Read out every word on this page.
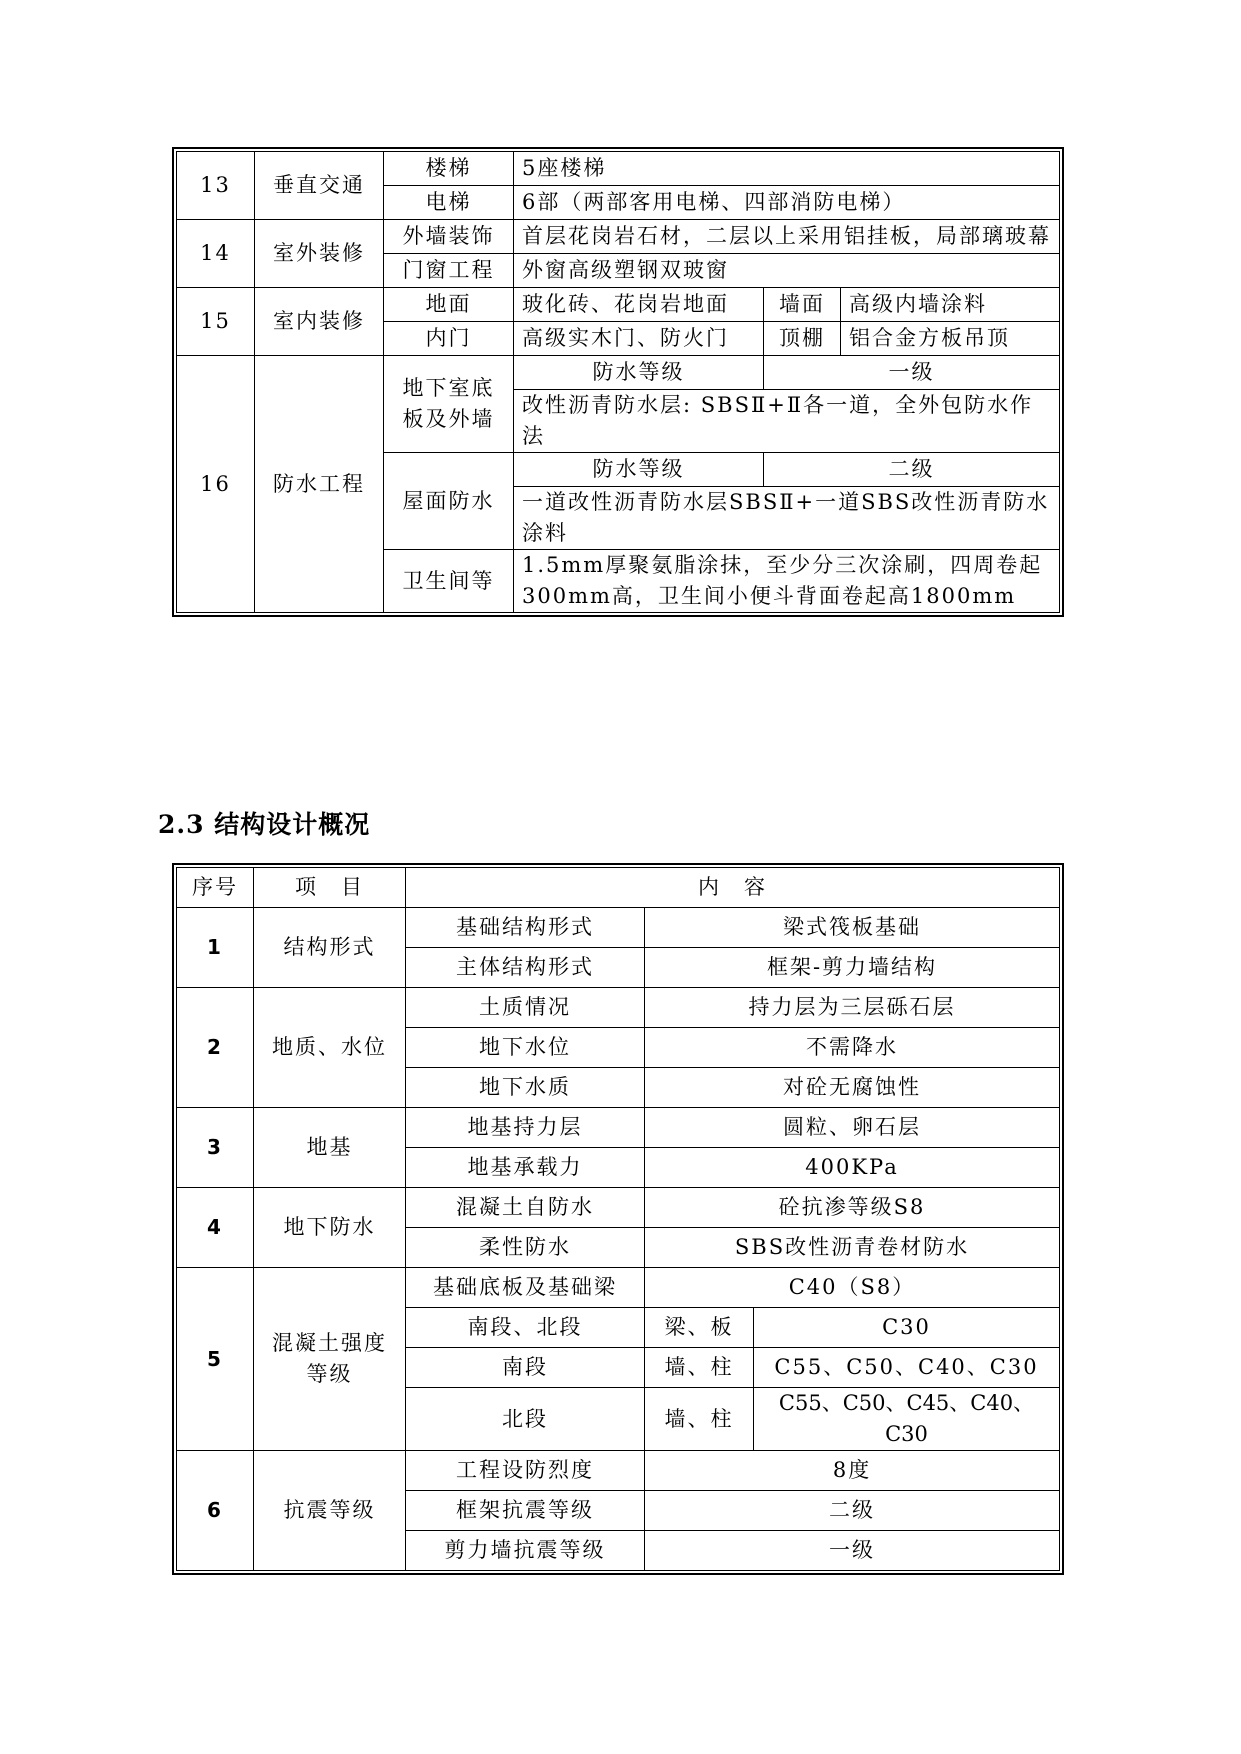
13	垂直交通	楼梯	5座楼梯		
		电梯	6部（两部客用电梯、四部消防电梯）		
14	室外装修	外墙装饰	首层花岗岩石材，二层以上采用铝挂板，局部璃玻幕		
		门窗工程	外窗高级塑钢双玻窗		
15	室内装修	地面	玻化砖、花岗岩地面	墙面	高级内墙涂料
		内门	高级实木门、防火门	顶棚	铝合金方板吊顶
16	防水工程	地下室底板及外墙	防水等级	一级	
			改性沥青防水层: SBSⅡ+Ⅱ各一道，全外包防水作法		
		屋面防水	防水等级	二级	
			一道改性沥青防水层SBSⅡ+一道SBS改性沥青防水涂料		
		卫生间等	1.5mm厚聚氨脂涂抹，至少分三次涂刷，四周卷起300mm高，卫生间小便斗背面卷起高1800mm		
2.3 结构设计概况
序号	项　目	内　容		
1	结构形式	基础结构形式	梁式筏板基础	
		主体结构形式	框架-剪力墙结构	
2	地质、水位	土质情况	持力层为三层砾石层	
		地下水位	不需降水	
		地下水质	对砼无腐蚀性	
3	地基	地基持力层	圆粒、卵石层	
		地基承载力	400KPa	
4	地下防水	混凝土自防水	砼抗渗等级S8	
		柔性防水	SBS改性沥青卷材防水	
5	混凝土强度等级	基础底板及基础梁	C40（S8）	
		南段、北段	梁、板	C30
		南段	墙、柱	C55、C50、C40、C30
		北段	墙、柱	C55、C50、C45、C40、C30
6	抗震等级	工程设防烈度	8度	
		框架抗震等级	二级	
		剪力墙抗震等级	一级	
